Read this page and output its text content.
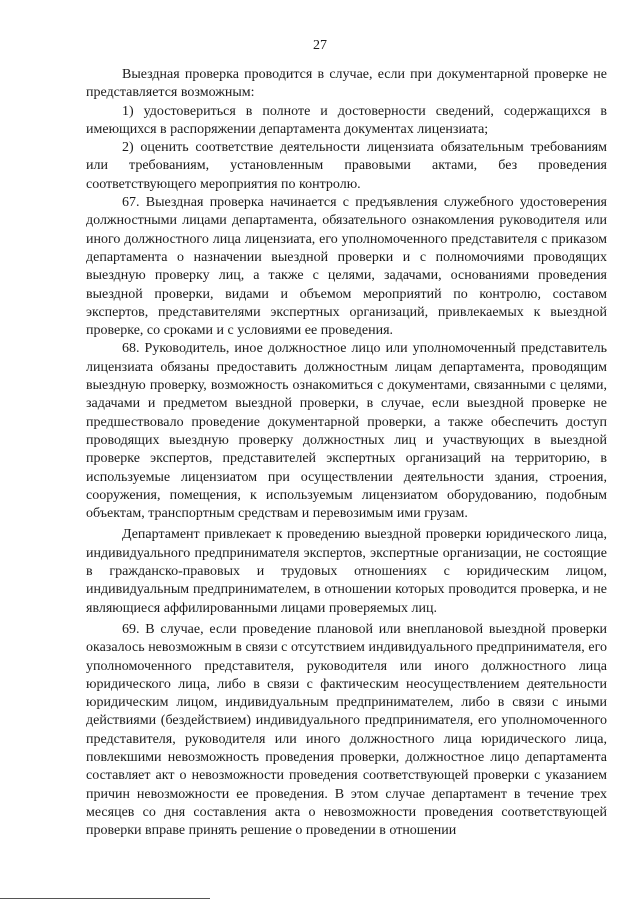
27

Выездная проверка проводится в случае, если при документарной проверке не представляется возможным:

1) удостовериться в полноте и достоверности сведений, содержащихся в имеющихся в распоряжении департамента документах лицензиата;

2) оценить соответствие деятельности лицензиата обязательным требованиям или требованиям, установленным правовыми актами, без проведения соответствующего мероприятия по контролю.

67. Выездная проверка начинается с предъявления служебного удостоверения должностными лицами департамента, обязательного ознакомления руководителя или иного должностного лица лицензиата, его уполномоченного представителя с приказом департамента о назначении выездной проверки и с полномочиями проводящих выездную проверку лиц, а также с целями, задачами, основаниями проведения выездной проверки, видами и объемом мероприятий по контролю, составом экспертов, представителями экспертных организаций, привлекаемых к выездной проверке, со сроками и с условиями ее проведения.

68. Руководитель, иное должностное лицо или уполномоченный представитель лицензиата обязаны предоставить должностным лицам департамента, проводящим выездную проверку, возможность ознакомиться с документами, связанными с целями, задачами и предметом выездной проверки, в случае, если выездной проверке не предшествовало проведение документарной проверки, а также обеспечить доступ проводящих выездную проверку должностных лиц и участвующих в выездной проверке экспертов, представителей экспертных организаций на территорию, в используемые лицензиатом при осуществлении деятельности здания, строения, сооружения, помещения, к используемым лицензиатом оборудованию, подобным объектам, транспортным средствам и перевозимым ими грузам.

Департамент привлекает к проведению выездной проверки юридического лица, индивидуального предпринимателя экспертов, экспертные организации, не состоящие в гражданско-правовых и трудовых отношениях с юридическим лицом, индивидуальным предпринимателем, в отношении которых проводится проверка, и не являющиеся аффилированными лицами проверяемых лиц.

69. В случае, если проведение плановой или внеплановой выездной проверки оказалось невозможным в связи с отсутствием индивидуального предпринимателя, его уполномоченного представителя, руководителя или иного должностного лица юридического лица, либо в связи с фактическим неосуществлением деятельности юридическим лицом, индивидуальным предпринимателем, либо в связи с иными действиями (бездействием) индивидуального предпринимателя, его уполномоченного представителя, руководителя или иного должностного лица юридического лица, повлекшими невозможность проведения проверки, должностное лицо департамента составляет акт о невозможности проведения соответствующей проверки с указанием причин невозможности ее проведения. В этом случае департамент в течение трех месяцев со дня составления акта о невозможности проведения соответствующей проверки вправе принять решение о проведении в отношении
